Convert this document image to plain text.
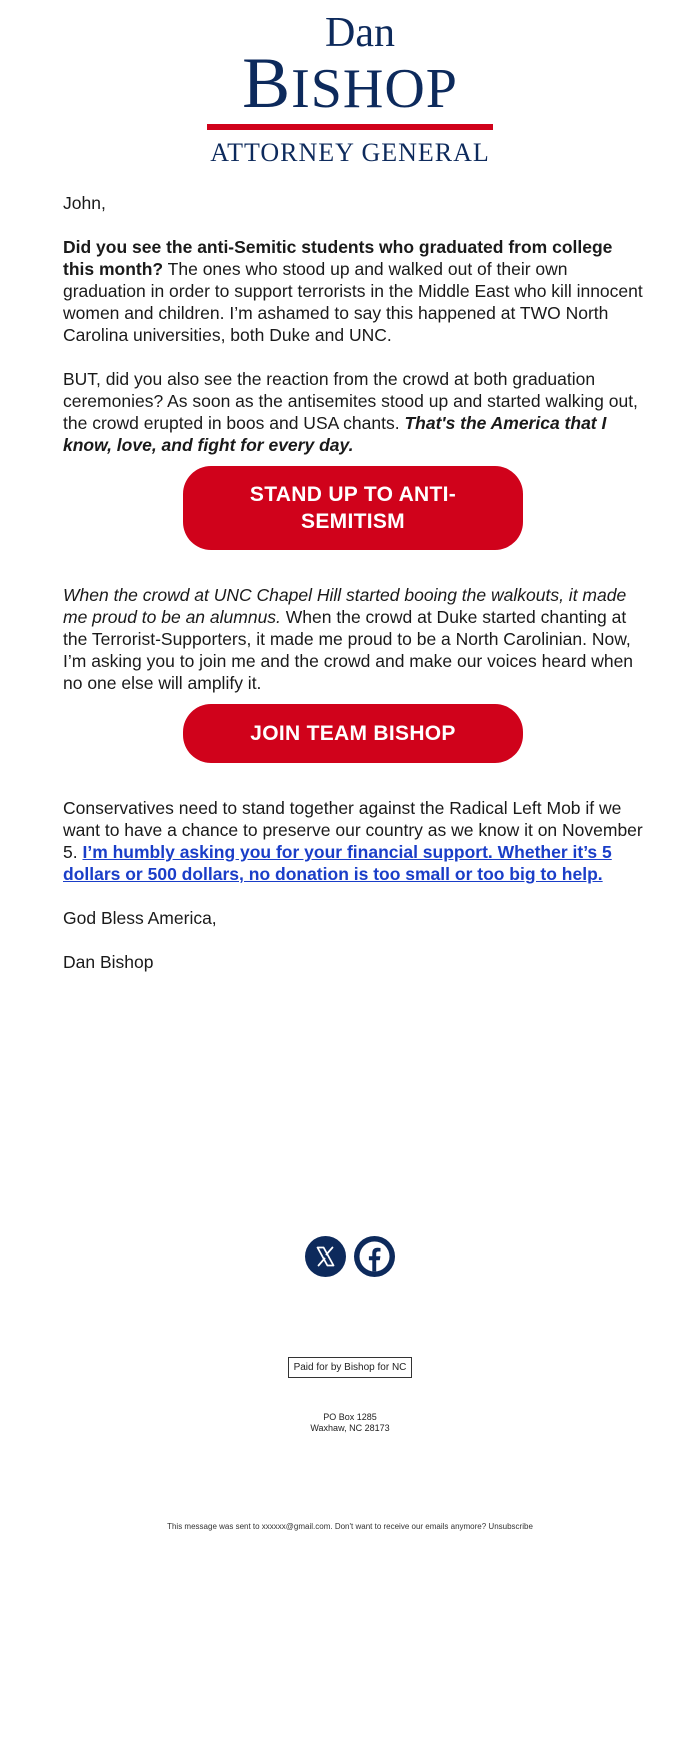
Dan
BISHOP
ATTORNEY GENERAL

John,

Did you see the anti-Semitic students who graduated from college this month? The ones who stood up and walked out of their own graduation in order to support terrorists in the Middle East who kill innocent women and children. I’m ashamed to say this happened at TWO North Carolina universities, both Duke and UNC.

BUT, did you also see the reaction from the crowd at both graduation ceremonies? As soon as the antisemites stood up and started walking out, the crowd erupted in boos and USA chants. That's the America that I know, love, and fight for every day.

STAND UP TO ANTI-SEMITISM

When the crowd at UNC Chapel Hill started booing the walkouts, it made me proud to be an alumnus. When the crowd at Duke started chanting at the Terrorist-Supporters, it made me proud to be a North Carolinian. Now, I’m asking you to join me and the crowd and make our voices heard when no one else will amplify it.

JOIN TEAM BISHOP

Conservatives need to stand together against the Radical Left Mob if we want to have a chance to preserve our country as we know it on November 5. I’m humbly asking you for your financial support. Whether it’s 5 dollars or 500 dollars, no donation is too small or too big to help.

God Bless America,

Dan Bishop

Paid for by Bishop for NC
PO Box 1285
Waxhaw, NC 28173
This message was sent to xxxxxx@gmail.com. Don't want to receive our emails anymore? Unsubscribe
